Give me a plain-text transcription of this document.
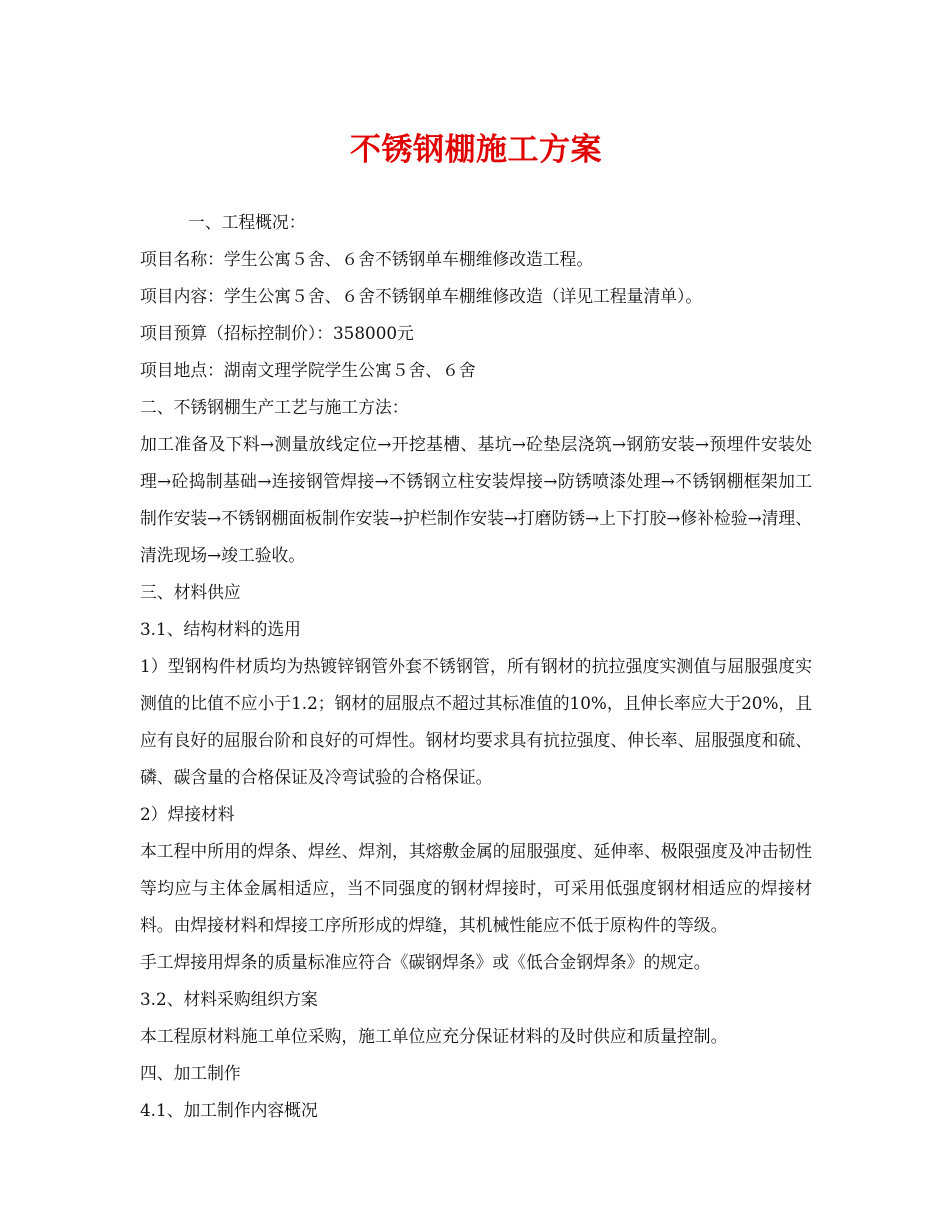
不锈钢棚施工方案

一、工程概况：

项目名称：学生公寓５舍、６舍不锈钢单车棚维修改造工程。

项目内容：学生公寓５舍、６舍不锈钢单车棚维修改造（详见工程量清单）。

项目预算（招标控制价）：358000元

项目地点：湖南文理学院学生公寓５舍、６舍

二、不锈钢棚生产工艺与施工方法：

加工准备及下料→测量放线定位→开挖基槽、基坑→砼垫层浇筑→钢筋安装→预埋件安装处理→砼捣制基础→连接钢管焊接→不锈钢立柱安装焊接→防锈喷漆处理→不锈钢棚框架加工制作安装→不锈钢棚面板制作安装→护栏制作安装→打磨防锈→上下打胶→修补检验→清理、清洗现场→竣工验收。

三、材料供应

3.1、结构材料的选用

1）型钢构件材质均为热镀锌钢管外套不锈钢管，所有钢材的抗拉强度实测值与屈服强度实测值的比值不应小于1.2；钢材的屈服点不超过其标准值的10%，且伸长率应大于20%，且应有良好的屈服台阶和良好的可焊性。钢材均要求具有抗拉强度、伸长率、屈服强度和硫、磷、碳含量的合格保证及冷弯试验的合格保证。

2）焊接材料

本工程中所用的焊条、焊丝、焊剂，其熔敷金属的屈服强度、延伸率、极限强度及冲击韧性等均应与主体金属相适应，当不同强度的钢材焊接时，可采用低强度钢材相适应的焊接材料。由焊接材料和焊接工序所形成的焊缝，其机械性能应不低于原构件的等级。

手工焊接用焊条的质量标准应符合《碳钢焊条》或《低合金钢焊条》的规定。

3.2、材料采购组织方案

本工程原材料施工单位采购，施工单位应充分保证材料的及时供应和质量控制。

四、加工制作

4.1、加工制作内容概况
